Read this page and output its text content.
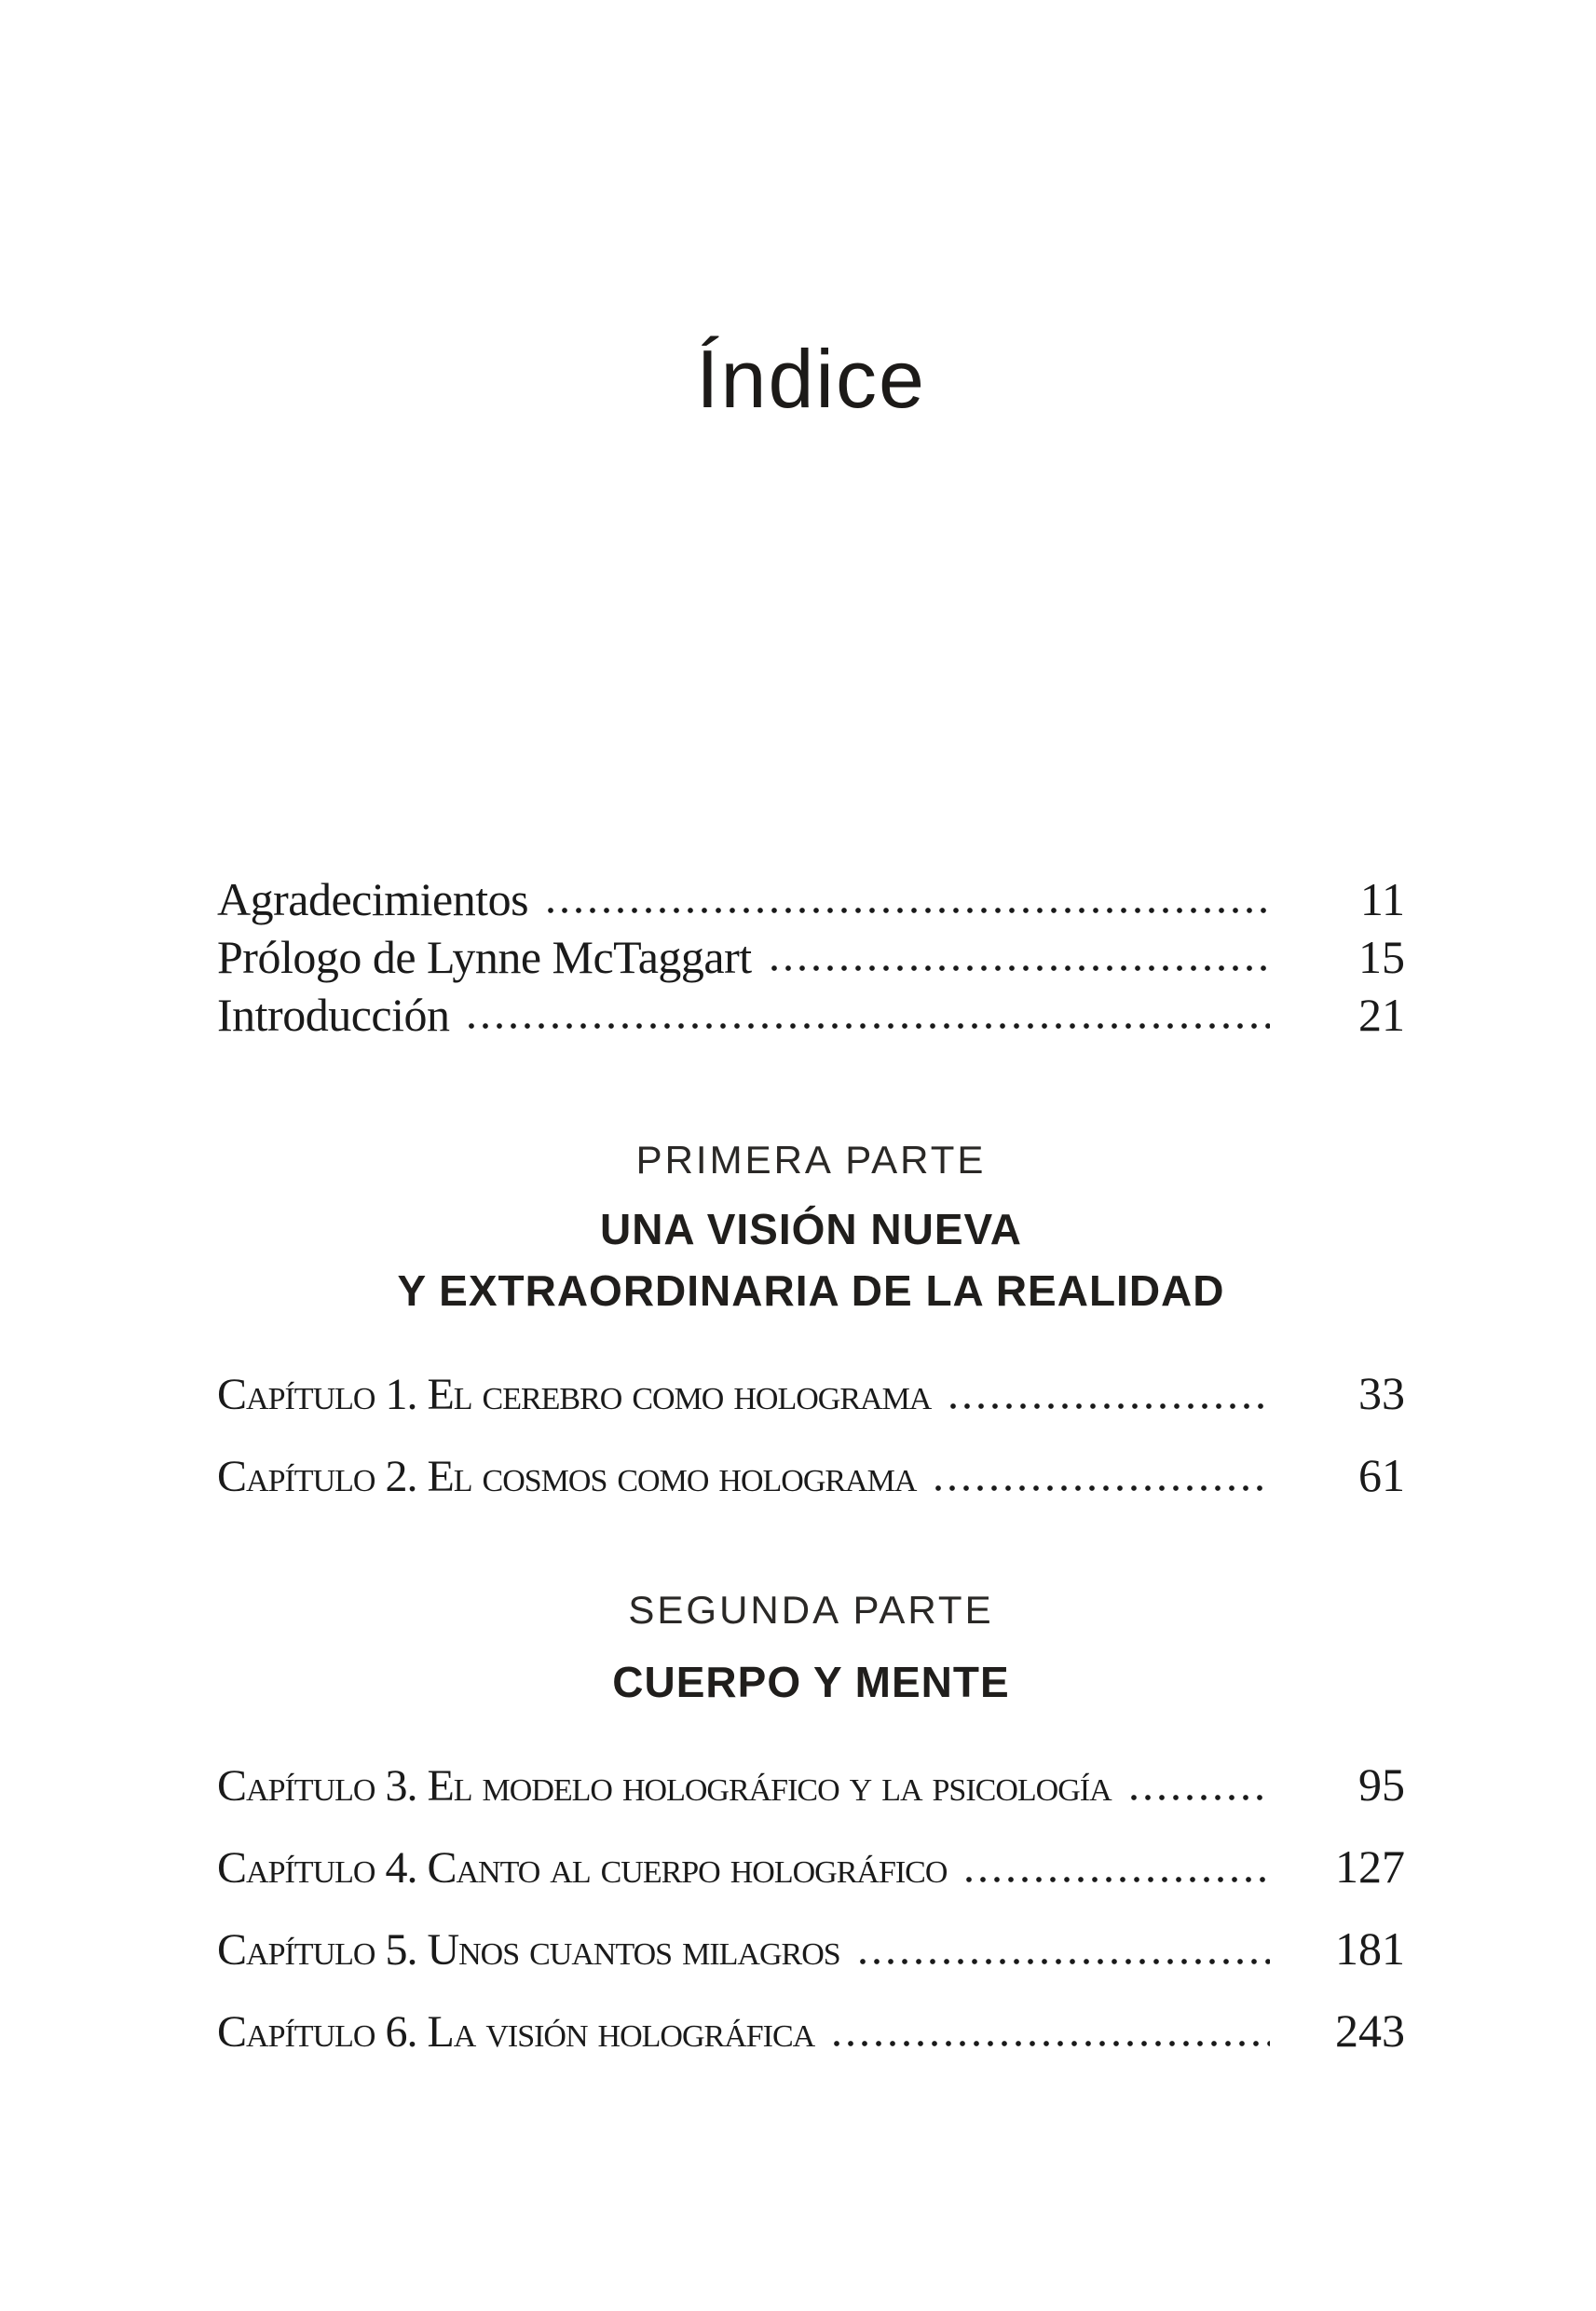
Índice
Agradecimientos	11
Prólogo de Lynne McTaggart	15
Introducción	21
PRIMERA PARTE
UNA VISIÓN NUEVA
Y EXTRAORDINARIA DE LA REALIDAD
Capítulo 1. El cerebro como holograma	33
Capítulo 2. El cosmos como holograma	61
SEGUNDA PARTE
CUERPO Y MENTE
Capítulo 3. El modelo holográfico y la psicología	95
Capítulo 4. Canto al cuerpo holográfico	127
Capítulo 5. Unos cuantos milagros	181
Capítulo 6. La visión holográfica	243
